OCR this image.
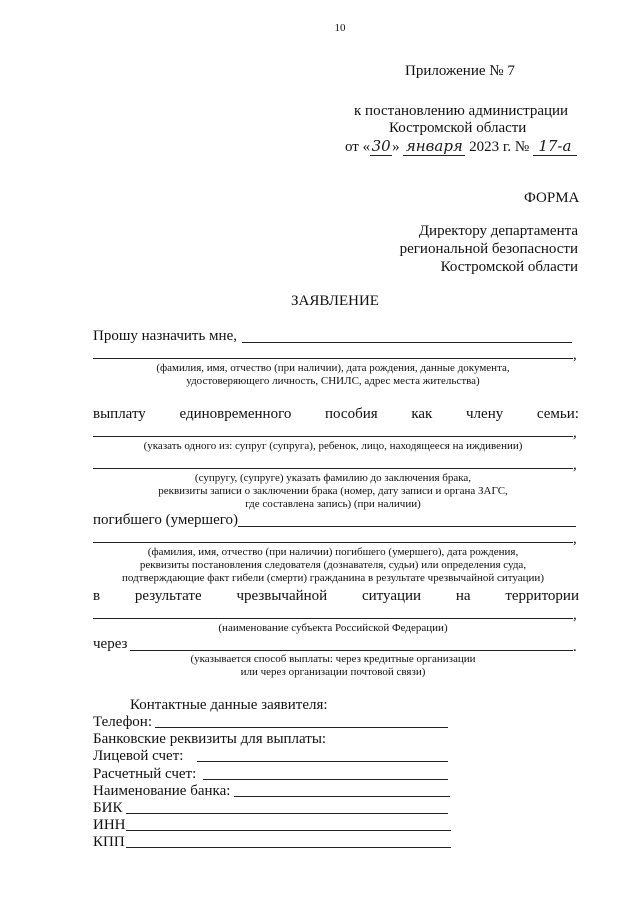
10
Приложение № 7
к постановлению администрации
Костромской области
от «30» января 2023 г. № 17-а
ФОРМА
Директору департамента
региональной безопасности
Костромской области
ЗАЯВЛЕНИЕ
Прошу назначить мне,
,
(фамилия, имя, отчество (при наличии), дата рождения, данные документа,
удостоверяющего личность, СНИЛС, адрес места жительства)
выплату единовременного пособия как члену семьи:
,
(указать одного из: супруг (супруга), ребенок, лицо, находящееся на иждивении)
,
(супругу, (супруге) указать фамилию до заключения брака,
реквизиты записи о заключении брака (номер, дату записи и органа ЗАГС,
где составлена запись) (при наличии)
погибшего (умершего)
,
(фамилия, имя, отчество (при наличии) погибшего (умершего), дата рождения,
реквизиты постановления следователя (дознавателя, судьи) или определения суда,
подтверждающие факт гибели (смерти) гражданина в результате чрезвычайной ситуации)
в результате чрезвычайной ситуации на территории
,
(наименование субъекта Российской Федерации)
через	.
(указывается способ выплаты: через кредитные организации
или через организации почтовой связи)
Контактные данные заявителя:
Телефон:
Банковские реквизиты для выплаты:
Лицевой счет:
Расчетный счет:
Наименование банка:
БИК
ИНН
КПП
